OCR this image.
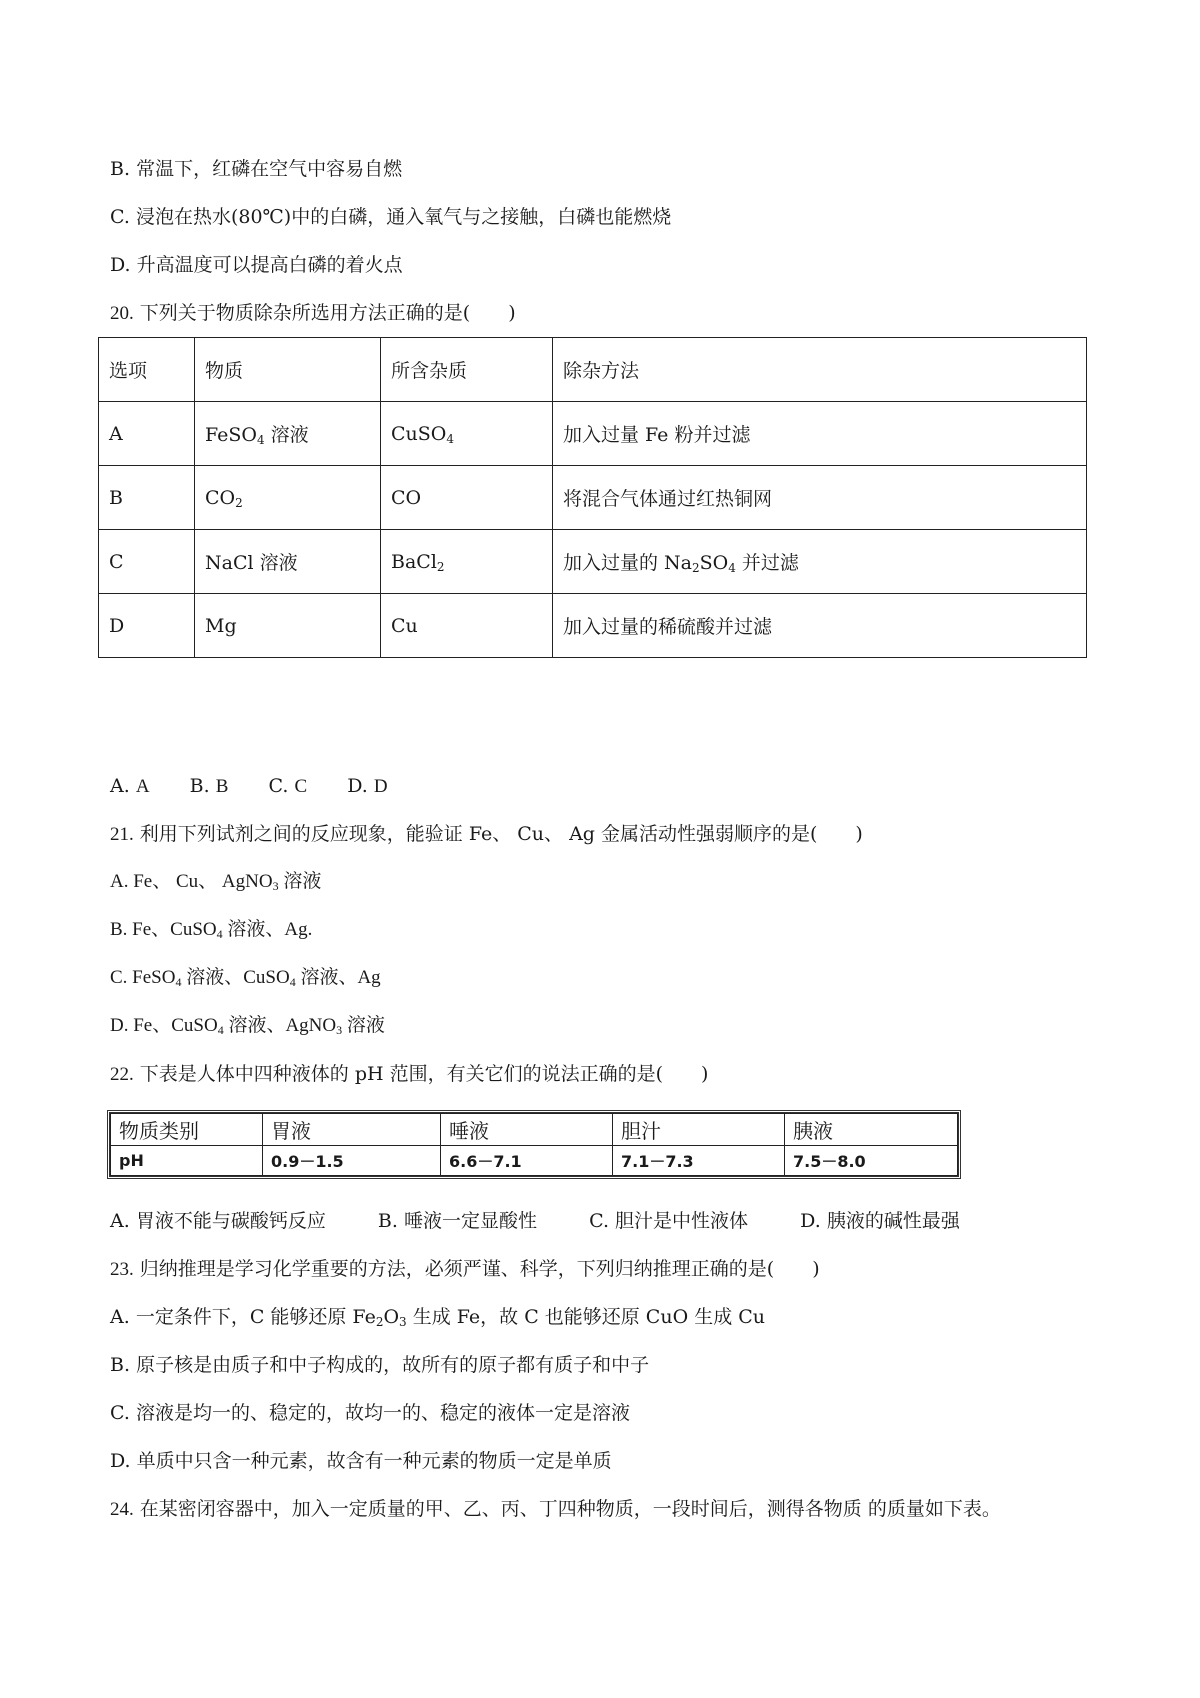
B. 常温下，红磷在空气中容易自燃
C. 浸泡在热水(80℃)中的白磷，通入氧气与之接触，白磷也能燃烧
D. 升高温度可以提高白磷的着火点
20. 下列关于物质除杂所选用方法正确的是(　　)
选项	物质	所含杂质	除杂方法
A	FeSO$_4$ 溶液	CuSO$_4$	加入过量 Fe 粉并过滤
B	$CO_2$	CO	将混合气体通过红热铜网
C	NaCl 溶液	BaCl$_2$	加入过量的 $Na_2SO_4$ 并过滤
D	Mg	Cu	加入过量的稀硫酸并过滤
A. A B. B C. C D. D
21. 利用下列试剂之间的反应现象，能验证 Fe、 Cu、 Ag 金属活动性强弱顺序的是(　　)
A. Fe、 Cu、 AgNO$_3$ 溶液
B. Fe、CuSO$_4$ 溶液、Ag.
C. FeSO$_4$ 溶液、CuSO$_4$ 溶液、Ag
D. Fe、CuSO$_4$ 溶液、AgNO$_3$ 溶液
22. 下表是人体中四种液体的 pH 范围，有关它们的说法正确的是(　　)
物质类别	胃液	唾液	胆汁	胰液
pH	0.9－1.5	6.6－7.1	7.1－7.3	7.5－8.0
A. 胃液不能与碳酸钙反应	B. 唾液一定显酸性	C. 胆汁是中性液体	D. 胰液的碱性最强
23. 归纳推理是学习化学重要的方法，必须严谨、科学，下列归纳推理正确的是(　　)
A. 一定条件下，C 能够还原 $Fe_2O_3$ 生成 Fe，故 C 也能够还原 CuO 生成 Cu
B. 原子核是由质子和中子构成的，故所有的原子都有质子和中子
C. 溶液是均一的、稳定的，故均一的、稳定的液体一定是溶液
D. 单质中只含一种元素，故含有一种元素的物质一定是单质
24. 在某密闭容器中，加入一定质量的甲、乙、丙、丁四种物质，一段时间后，测得各物质 的质量如下表。
